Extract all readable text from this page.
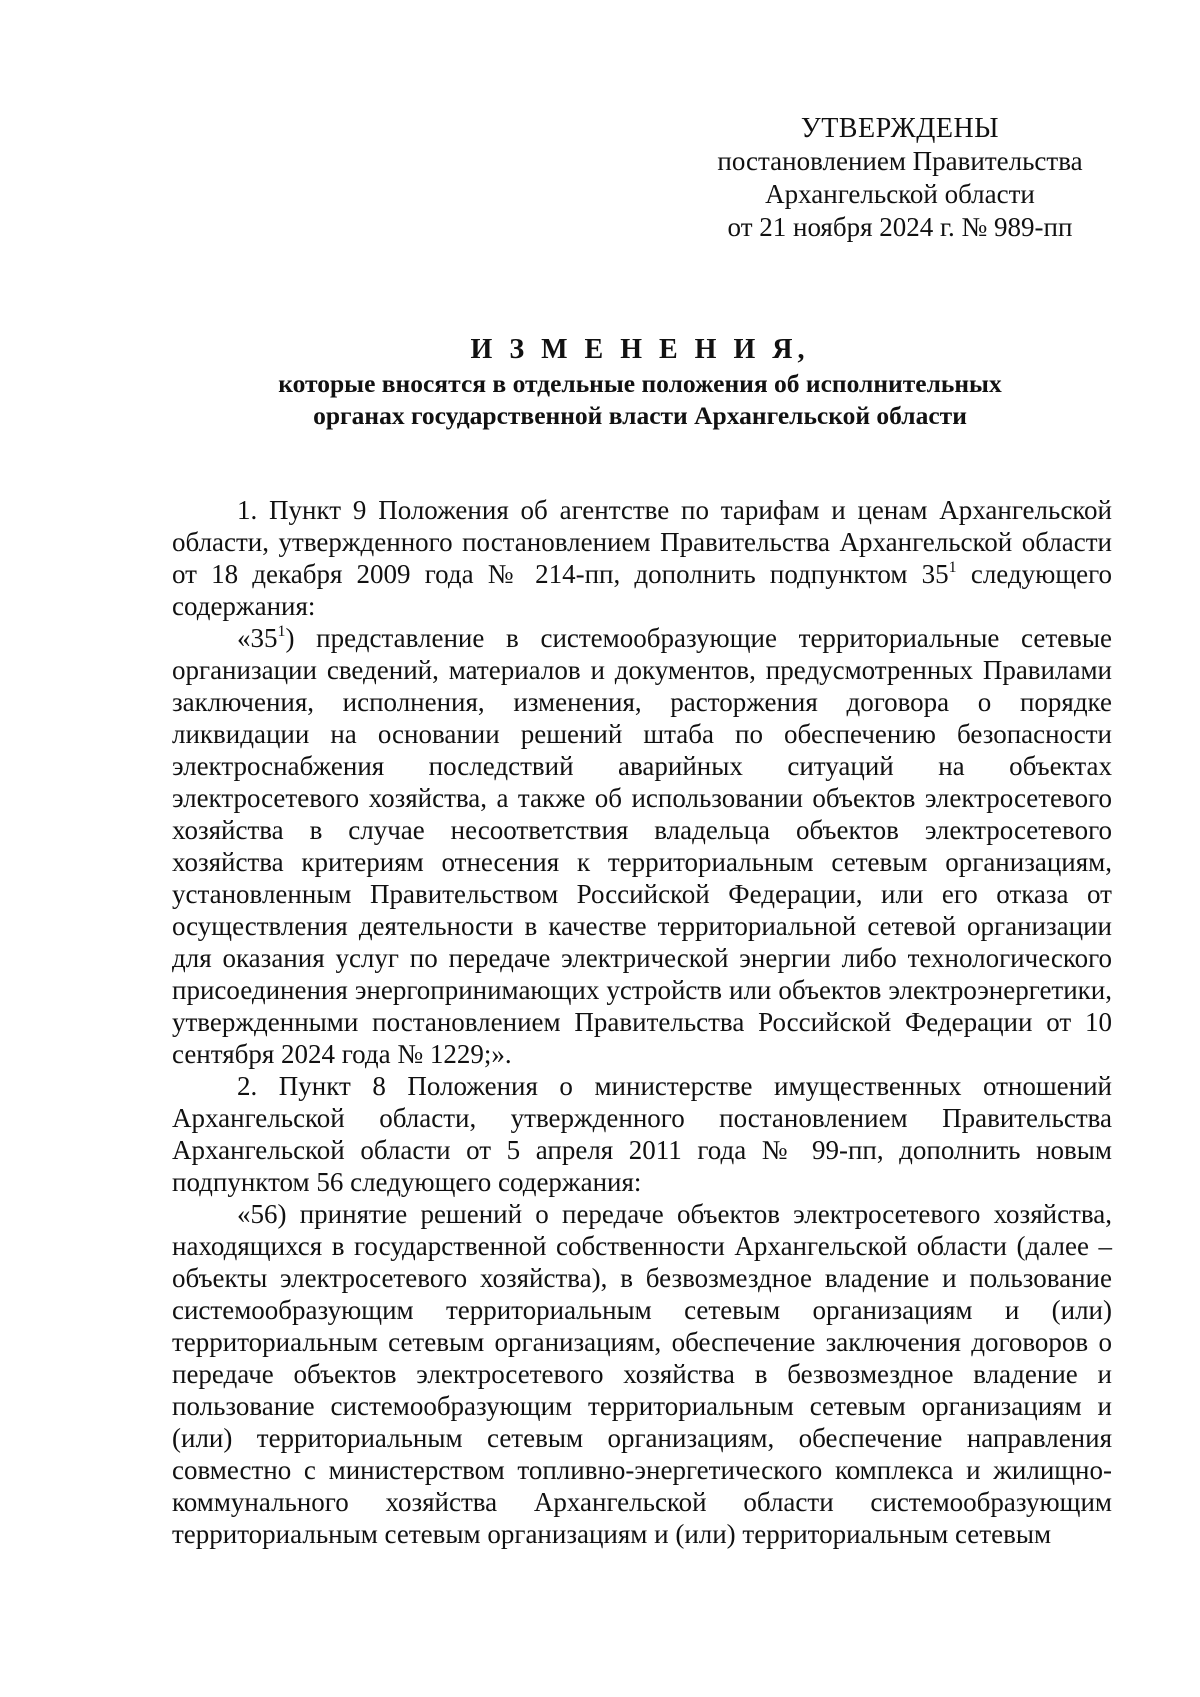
УТВЕРЖДЕНЫ
постановлением Правительства
Архангельской области
от 21 ноября 2024 г. № 989-пп
И З М Е Н Е Н И Я,
которые вносятся в отдельные положения об исполнительных
органах государственной власти Архангельской области

1. Пункт 9 Положения об агентстве по тарифам и ценам Архангельской области, утвержденного постановлением Правительства Архангельской области от 18 декабря 2009 года № 214-пп, дополнить подпунктом $35^1$ следующего содержания:

«$35^1$) представление в системообразующие территориальные сетевые организации сведений, материалов и документов, предусмотренных Правилами заключения, исполнения, изменения, расторжения договора о порядке ликвидации на основании решений штаба по обеспечению безопасности электроснабжения последствий аварийных ситуаций на объектах электросетевого хозяйства, а также об использовании объектов электросетевого хозяйства в случае несоответствия владельца объектов электросетевого хозяйства критериям отнесения к территориальным сетевым организациям, установленным Правительством Российской Федерации, или его отказа от осуществления деятельности в качестве территориальной сетевой организации для оказания услуг по передаче электрической энергии либо технологического присоединения энергопринимающих устройств или объектов электроэнергетики, утвержденными постановлением Правительства Российской Федерации от 10 сентября 2024 года № 1229;».

2. Пункт 8 Положения о министерстве имущественных отношений Архангельской области, утвержденного постановлением Правительства Архангельской области от 5 апреля 2011 года № 99-пп, дополнить новым подпунктом 56 следующего содержания:

«56) принятие решений о передаче объектов электросетевого хозяйства, находящихся в государственной собственности Архангельской области (далее – объекты электросетевого хозяйства), в безвозмездное владение и пользование системообразующим территориальным сетевым организациям и (или) территориальным сетевым организациям, обеспечение заключения договоров о передаче объектов электросетевого хозяйства в безвозмездное владение и пользование системообразующим территориальным сетевым организациям и (или) территориальным сетевым организациям, обеспечение направления совместно с министерством топливно-энергетического комплекса и жилищно-коммунального хозяйства Архангельской области системообразующим территориальным сетевым организациям и (или) территориальным сетевым
